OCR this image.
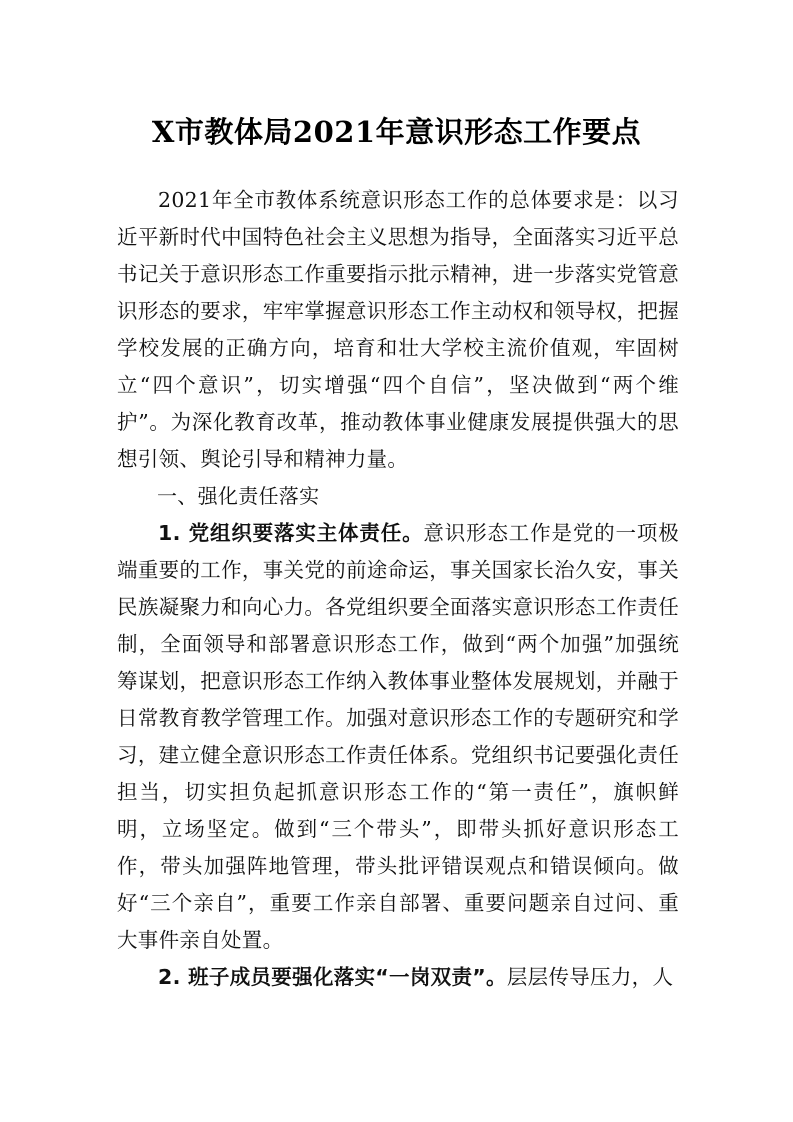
X市教体局2021年意识形态工作要点

2021年全市教体系统意识形态工作的总体要求是：以习近平新时代中国特色社会主义思想为指导，全面落实习近平总书记关于意识形态工作重要指示批示精神，进一步落实党管意识形态的要求，牢牢掌握意识形态工作主动权和领导权，把握学校发展的正确方向，培育和壮大学校主流价值观，牢固树立“四个意识”，切实增强“四个自信”，坚决做到“两个维护”。为深化教育改革，推动教体事业健康发展提供强大的思想引领、舆论引导和精神力量。

一、强化责任落实

1. 党组织要落实主体责任。意识形态工作是党的一项极端重要的工作，事关党的前途命运，事关国家长治久安，事关民族凝聚力和向心力。各党组织要全面落实意识形态工作责任制，全面领导和部署意识形态工作，做到“两个加强”加强统筹谋划，把意识形态工作纳入教体事业整体发展规划，并融于日常教育教学管理工作。加强对意识形态工作的专题研究和学习，建立健全意识形态工作责任体系。党组织书记要强化责任担当，切实担负起抓意识形态工作的“第一责任”，旗帜鲜明，立场坚定。做到“三个带头”，即带头抓好意识形态工作，带头加强阵地管理，带头批评错误观点和错误倾向。做好“三个亲自”，重要工作亲自部署、重要问题亲自过问、重大事件亲自处置。

2. 班子成员要强化落实“一岗双责”。层层传导压力，人
